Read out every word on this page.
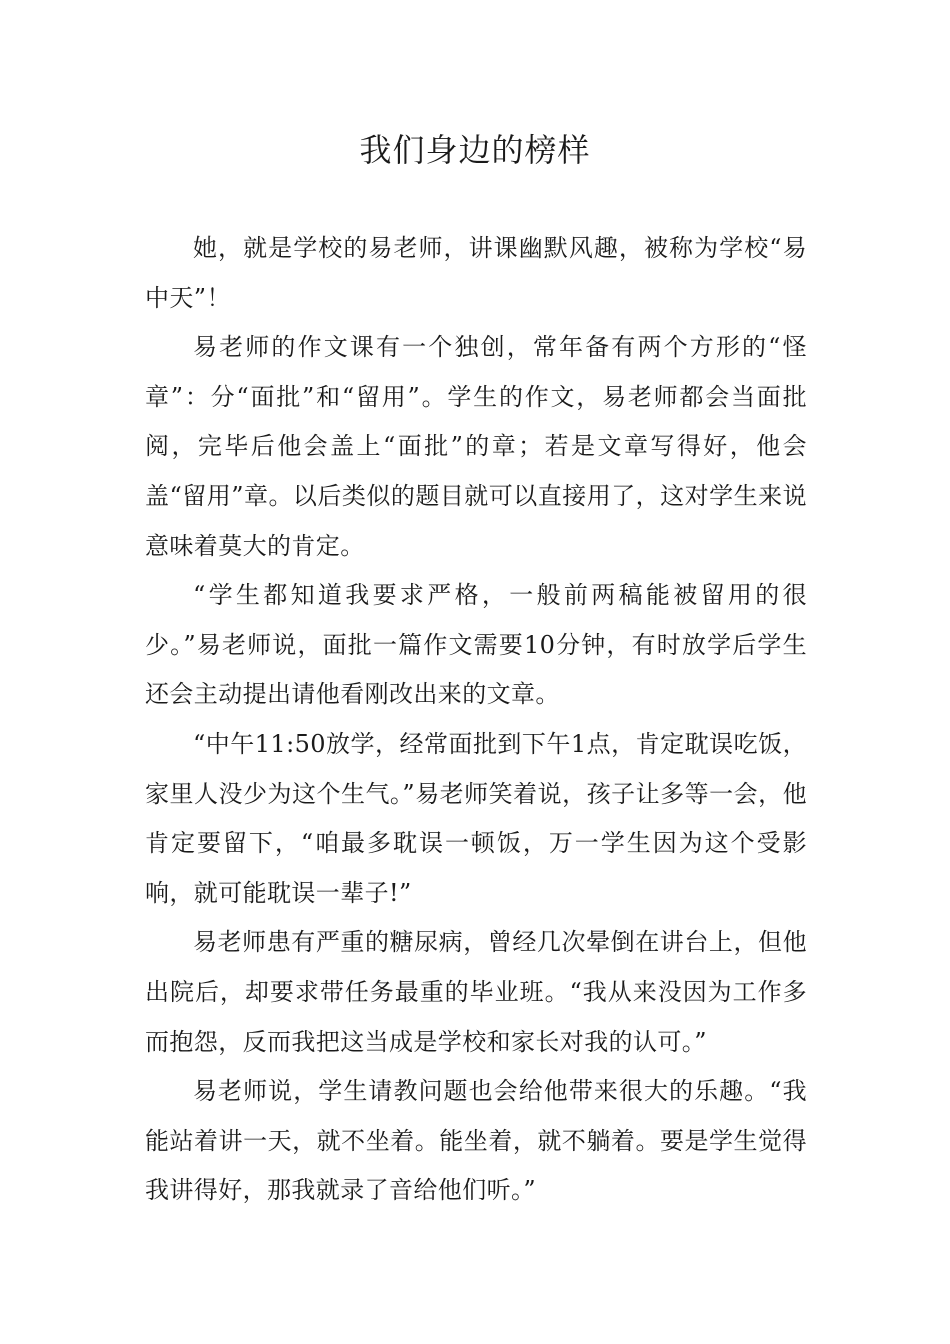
我们身边的榜样

她，就是学校的易老师，讲课幽默风趣，被称为学校“易中天”！

易老师的作文课有一个独创，常年备有两个方形的“怪章”：分“面批”和“留用”。学生的作文，易老师都会当面批阅，完毕后他会盖上“面批”的章；若是文章写得好，他会盖“留用”章。以后类似的题目就可以直接用了，这对学生来说意味着莫大的肯定。

“学生都知道我要求严格，一般前两稿能被留用的很少。”易老师说，面批一篇作文需要10分钟，有时放学后学生还会主动提出请他看刚改出来的文章。

“中午11:50放学，经常面批到下午1点，肯定耽误吃饭，家里人没少为这个生气。”易老师笑着说，孩子让多等一会，他肯定要留下，“咱最多耽误一顿饭，万一学生因为这个受影响，就可能耽误一辈子!”

易老师患有严重的糖尿病，曾经几次晕倒在讲台上，但他出院后，却要求带任务最重的毕业班。“我从来没因为工作多而抱怨，反而我把这当成是学校和家长对我的认可。”

易老师说，学生请教问题也会给他带来很大的乐趣。“我能站着讲一天，就不坐着。能坐着，就不躺着。要是学生觉得我讲得好，那我就录了音给他们听。”
